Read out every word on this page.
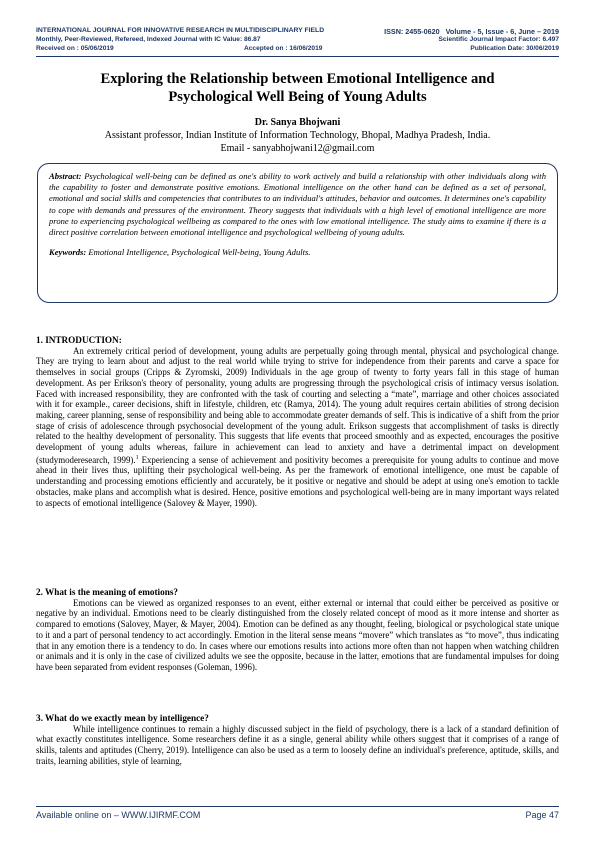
INTERNATIONAL JOURNAL FOR INNOVATIVE RESEARCH IN MULTIDISCIPLINARY FIELD	ISSN: 2455-0620 Volume - 5, Issue - 6, June – 2019
Monthly, Peer-Reviewed, Refereed, Indexed Journal with IC Value: 86.87	Scientific Journal Impact Factor: 6.497
Received on : 05/06/2019	Accepted on : 16/06/2019	Publication Date: 30/06/2019
Exploring the Relationship between Emotional Intelligence and
Psychological Well Being of Young Adults
Dr. Sanya Bhojwani
Assistant professor, Indian Institute of Information Technology, Bhopal, Madhya Pradesh, India.
Email - sanyabhojwani12@gmail.com
Abstract: Psychological well-being can be defined as one's ability to work actively and build a relationship with other individuals along with the capability to foster and demonstrate positive emotions. Emotional intelligence on the other hand can be defined as a set of personal, emotional and social skills and competencies that contributes to an individual's attitudes, behavior and outcomes. It determines one's capability to cope with demands and pressures of the environment. Theory suggests that individuals with a high level of emotional intelligence are more prone to experiencing psychological wellbeing as compared to the ones with low emotional intelligence. The study aims to examine if there is a direct positive correlation between emotional intelligence and psychological wellbeing of young adults.
Keywords: Emotional Intelligence, Psychological Well-being, Young Adults.
1. INTRODUCTION:

An extremely critical period of development, young adults are perpetually going through mental, physical and psychological change. They are trying to learn about and adjust to the real world while trying to strive for independence from their parents and carve a space for themselves in social groups (Cripps & Zyromski, 2009) Individuals in the age group of twenty to forty years fall in this stage of human development. As per Erikson's theory of personality, young adults are progressing through the psychological crisis of intimacy versus isolation. Faced with increased responsibility, they are confronted with the task of courting and selecting a “mate”, marriage and other choices associated with it for example., career decisions, shift in lifestyle, children, etc (Ramya, 2014). The young adult requires certain abilities of strong decision making, career planning, sense of responsibility and being able to accommodate greater demands of self. This is indicative of a shift from the prior stage of crisis of adolescence through psychosocial development of the young adult. Erikson suggests that accomplishment of tasks is directly related to the healthy development of personality. This suggests that life events that proceed smoothly and as expected, encourages the positive development of young adults whereas, failure in achievement can lead to anxiety and have a detrimental impact on development (studymoderesearch, 1999).$^1$ Experiencing a sense of achievement and positivity becomes a prerequisite for young adults to continue and move ahead in their lives thus, uplifting their psychological well-being. As per the framework of emotional intelligence, one must be capable of understanding and processing emotions efficiently and accurately, be it positive or negative and should be adept at using one's emotion to tackle obstacles, make plans and accomplish what is desired. Hence, positive emotions and psychological well-being are in many important ways related to aspects of emotional intelligence (Salovey & Mayer, 1990).

2. What is the meaning of emotions?

Emotions can be viewed as organized responses to an event, either external or internal that could either be perceived as positive or negative by an individual. Emotions need to be clearly distinguished from the closely related concept of mood as it more intense and shorter as compared to emotions (Salovey, Mayer, & Mayer, 2004). Emotion can be defined as any thought, feeling, biological or psychological state unique to it and a part of personal tendency to act accordingly. Emotion in the literal sense means “movere” which translates as “to move”, thus indicating that in any emotion there is a tendency to do. In cases where our emotions results into actions more often than not happen when watching children or animals and it is only in the case of civilized adults we see the opposite, because in the latter, emotions that are fundamental impulses for doing have been separated from evident responses (Goleman, 1996).

3. What do we exactly mean by intelligence?

While intelligence continues to remain a highly discussed subject in the field of psychology, there is a lack of a standard definition of what exactly constitutes intelligence. Some researchers define it as a single, general ability while others suggest that it comprises of a range of skills, talents and aptitudes (Cherry, 2019). Intelligence can also be used as a term to loosely define an individual's preference, aptitude, skills, and traits, learning abilities, style of learning,

Available online on – WWW.IJIRMF.COM	Page 47
